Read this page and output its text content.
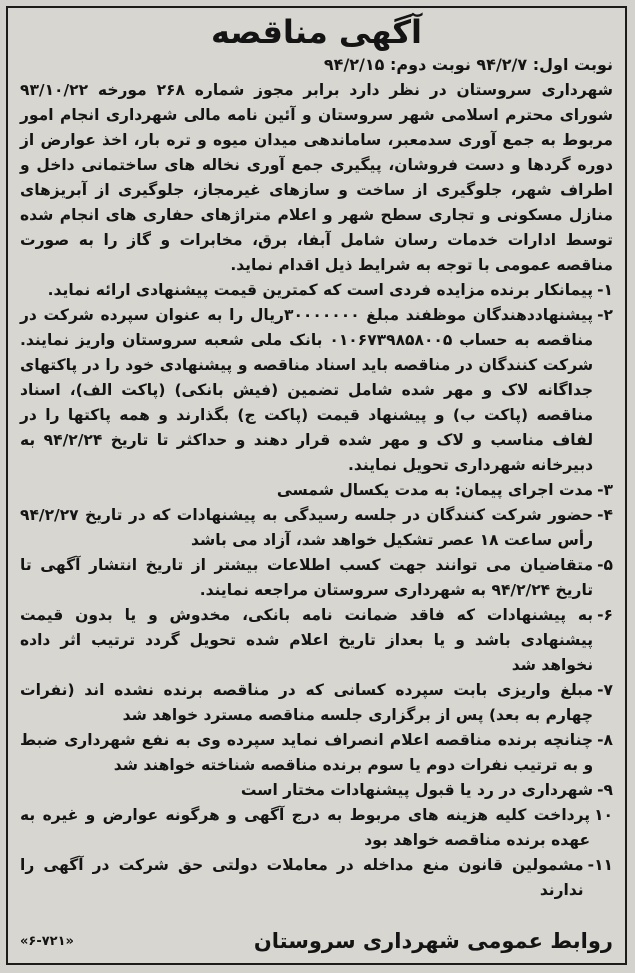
آگهی مناقصه
نوبت اول: ۹۴/۲/۷ نوبت دوم: ۹۴/۲/۱۵

شهرداری سروستان در نظر دارد برابر مجوز شماره ۲۶۸ مورخه ۹۳/۱۰/۲۲ شورای محترم اسلامی شهر سروستان و آئین نامه مالی شهرداری انجام امور مربوط به جمع آوری سدمعبر، ساماندهی میدان میوه و تره بار، اخذ عوارض از دوره گردها و دست فروشان، پیگیری جمع آوری نخاله های ساختمانی داخل و اطراف شهر، جلوگیری از ساخت و سازهای غیرمجاز، جلوگیری از آبریزهای منازل مسکونی و تجاری سطح شهر و اعلام متراژهای حفاری های انجام شده توسط ادارات خدمات رسان شامل آبفا، برق، مخابرات و گاز را به صورت مناقصه عمومی با توجه به شرایط ذیل اقدام نماید.

۱-
پیمانکار برنده مزایده فردی است که کمترین قیمت پیشنهادی ارائه نماید.
۲-
پیشنهاددهندگان موظفند مبلغ ۳۰۰۰۰۰۰۰ریال را به عنوان سپرده شرکت در مناقصه به حساب ۰۱۰۶۷۳۹۸۵۸۰۰۵ بانک ملی شعبه سروستان واریز نمایند. شرکت کنندگان در مناقصه باید اسناد مناقصه و پیشنهادی خود را در پاکتهای جداگانه لاک و مهر شده شامل تضمین (فیش بانکی) (پاکت الف)، اسناد مناقصه (پاکت ب) و پیشنهاد قیمت (پاکت ج) بگذارند و همه پاکتها را در لفاف مناسب و لاک و مهر شده قرار دهند و حداکثر تا تاریخ ۹۴/۲/۲۴ به دبیرخانه شهرداری تحویل نمایند.
۳-
مدت اجرای پیمان: به مدت یکسال شمسی
۴-
حضور شرکت کنندگان در جلسه رسیدگی به پیشنهادات که در تاریخ ۹۴/۲/۲۷ رأس ساعت ۱۸ عصر تشکیل خواهد شد، آزاد می باشد
۵-
متقاضیان می توانند جهت کسب اطلاعات بیشتر از تاریخ انتشار آگهی تا تاریخ ۹۴/۲/۲۴ به شهرداری سروستان مراجعه نمایند.
۶-
به پیشنهادات که فاقد ضمانت نامه بانکی، مخدوش و یا بدون قیمت پیشنهادی باشد و یا بعداز تاریخ اعلام شده تحویل گردد ترتیب اثر داده نخواهد شد
۷-
مبلغ واریزی بابت سپرده کسانی که در مناقصه برنده نشده اند (نفرات چهارم به بعد) پس از برگزاری جلسه مناقصه مسترد خواهد شد
۸-
چنانچه برنده مناقصه اعلام انصراف نماید سپرده وی به نفع شهرداری ضبط و به ترتیب نفرات دوم یا سوم برنده مناقصه شناخته خواهند شد
۹-
شهرداری در رد یا قبول پیشنهادات مختار است
۱۰
پرداخت کلیه هزینه های مربوط به درج آگهی و هرگونه عوارض و غیره به عهده برنده مناقصه خواهد بود
۱۱-
مشمولین قانون منع مداخله در معاملات دولتی حق شرکت در آگهی را ندارند
روابط عمومی شهرداری سروستان
«۶-۷۲۱»
